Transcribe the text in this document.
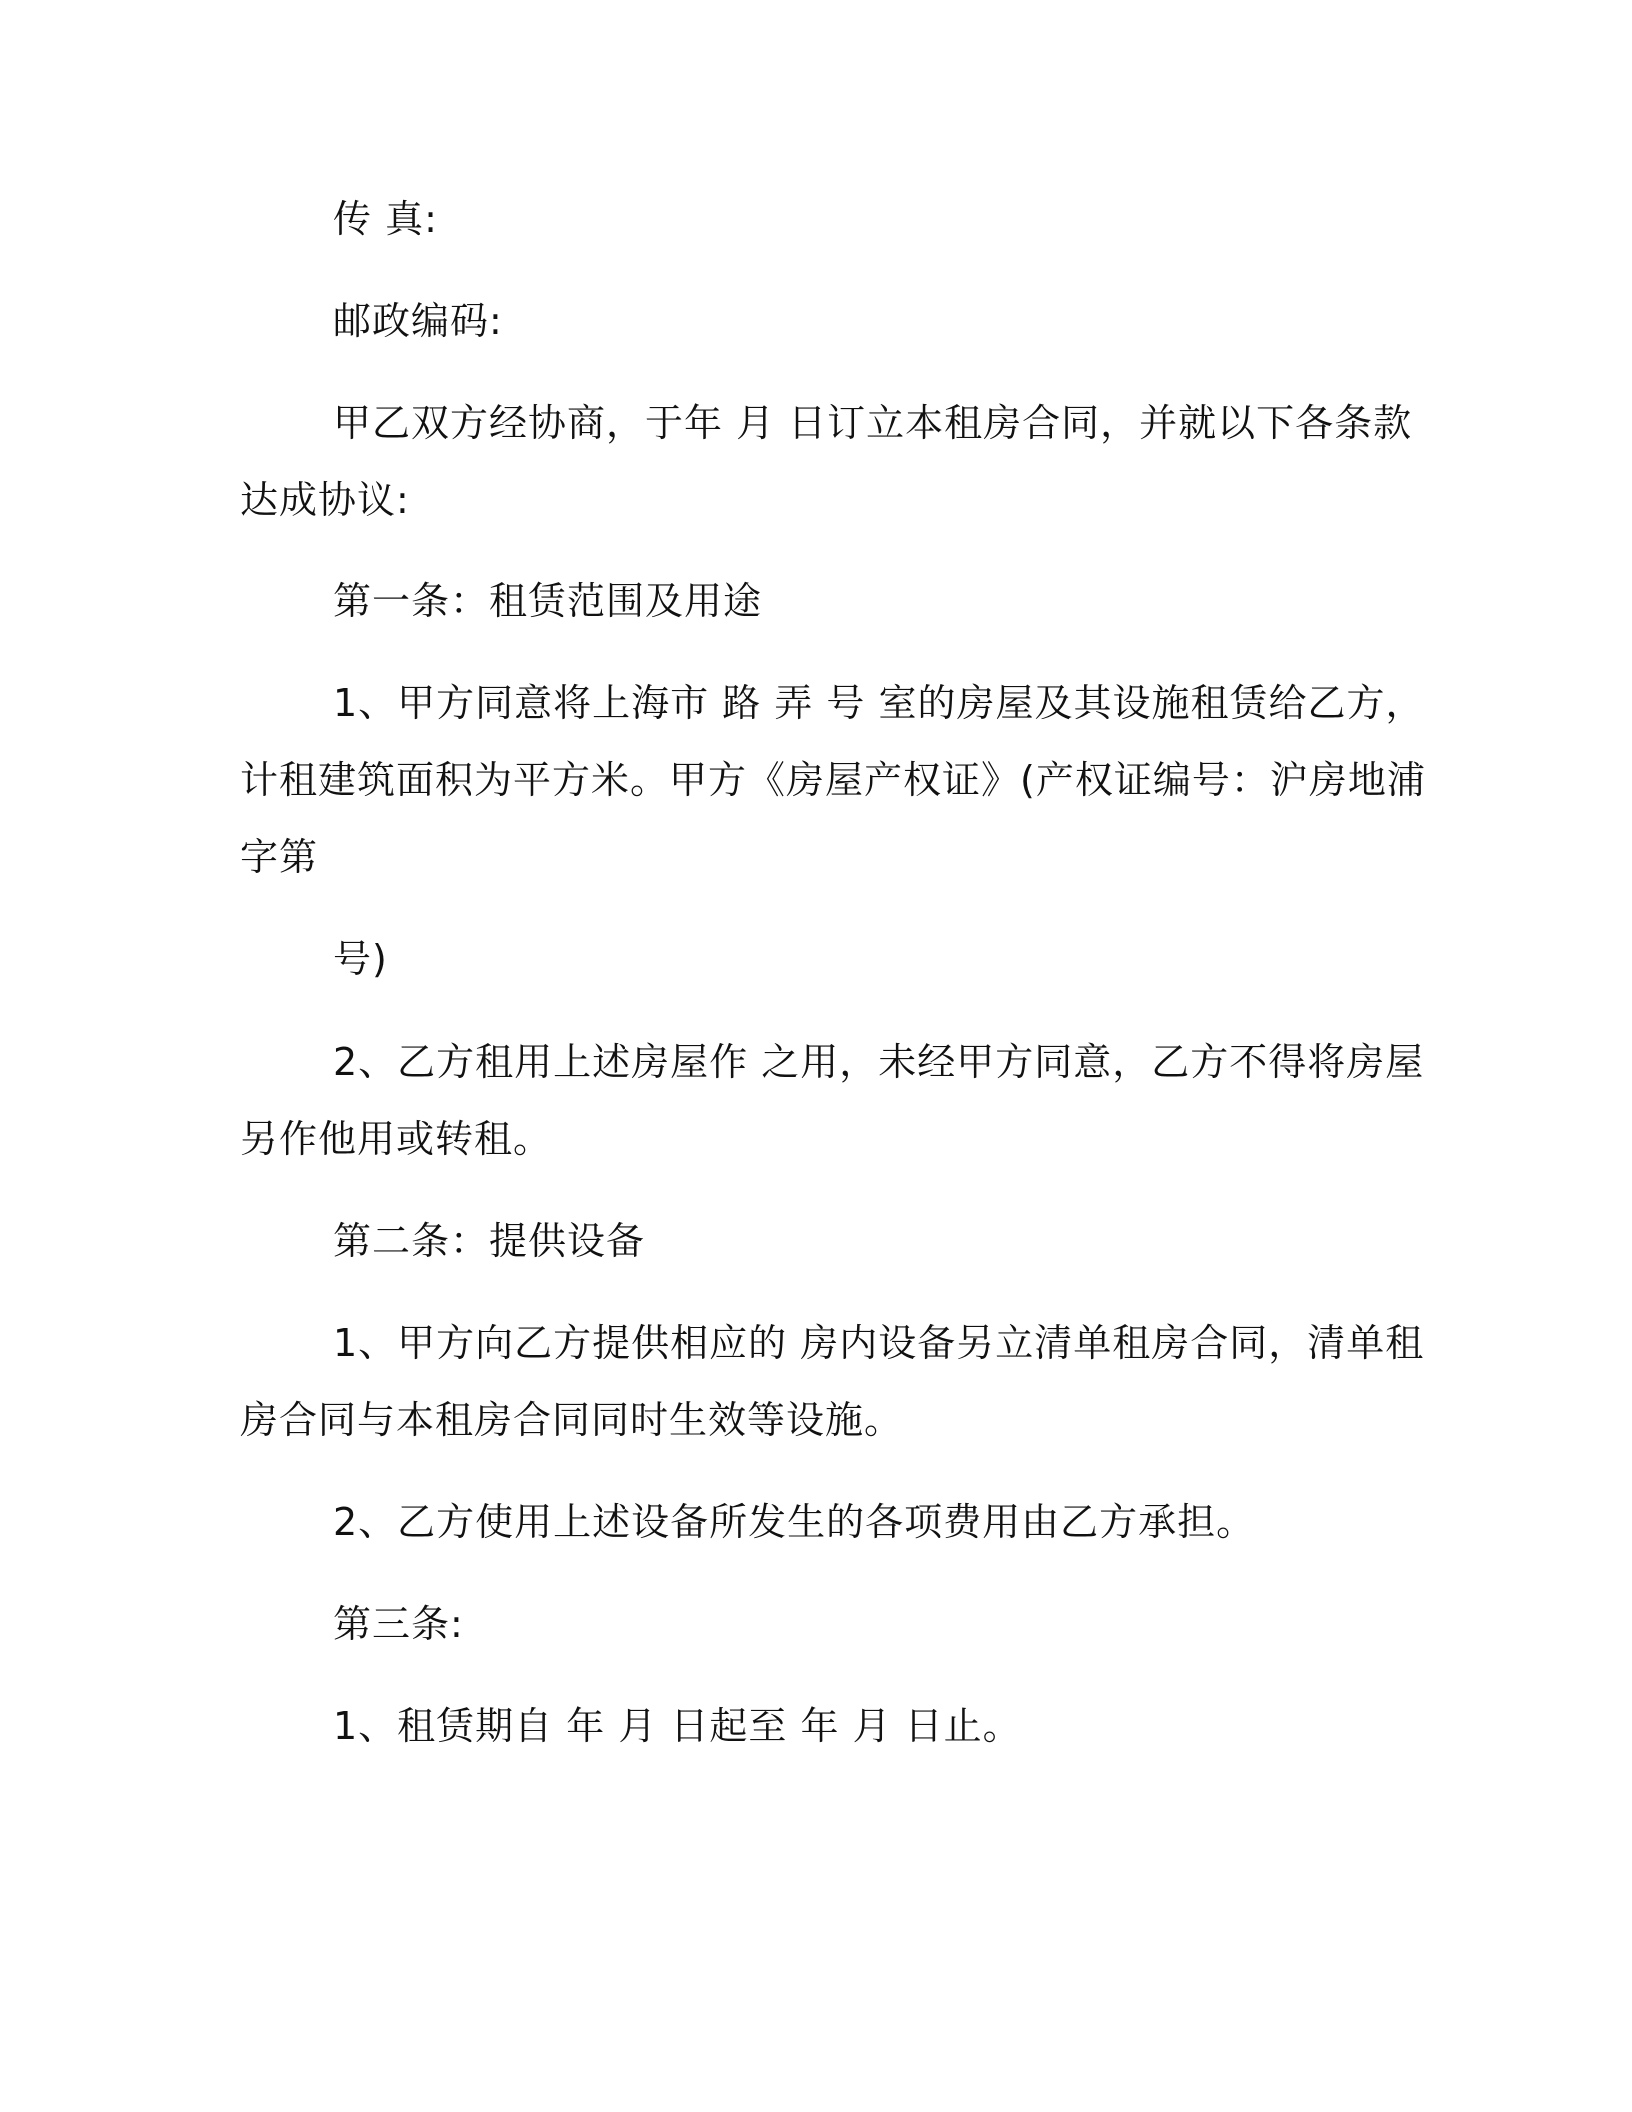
传 真:
邮政编码:
甲乙双方经协商，于年 月 日订立本租房合同，并就以下各条款
达成协议:
第一条：租赁范围及用途
1、甲方同意将上海市 路 弄 号 室的房屋及其设施租赁给乙方，
计租建筑面积为平方米。甲方《房屋产权证》(产权证编号：沪房地浦
字第
号)
2、乙方租用上述房屋作 之用，未经甲方同意，乙方不得将房屋
另作他用或转租。
第二条：提供设备
1、甲方向乙方提供相应的 房内设备另立清单租房合同，清单租
房合同与本租房合同同时生效等设施。
2、乙方使用上述设备所发生的各项费用由乙方承担。
第三条:
1、租赁期自 年 月 日起至 年 月 日止。
